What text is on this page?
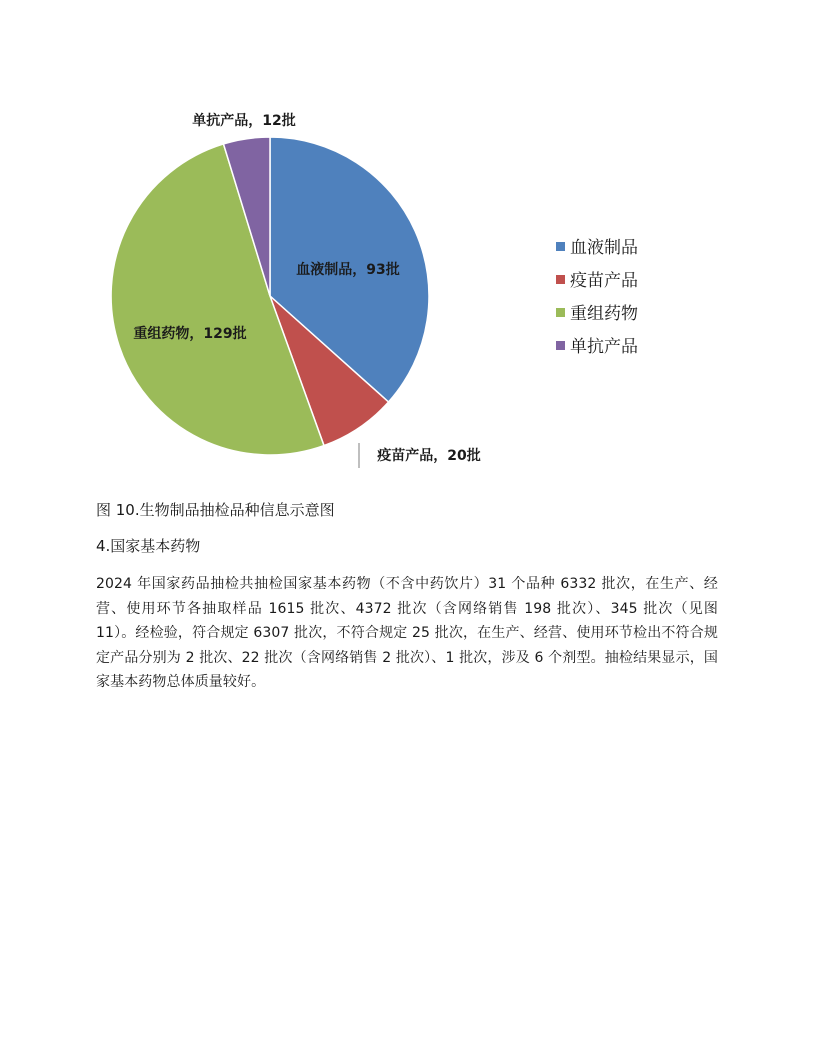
血液制品，93批
疫苗产品，20批
重组药物，129批
单抗产品，12批
血液制品
疫苗产品
重组药物
单抗产品

图 10.生物制品抽检品种信息示意图

4.国家基本药物

2024 年国家药品抽检共抽检国家基本药物（不含中药饮片）31 个品种 6332 批次，在生产、经营、使用环节各抽取样品 1615 批次、4372 批次（含网络销售 198 批次）、345 批次（见图 11）。经检验，符合规定 6307 批次，不符合规定 25 批次，在生产、经营、使用环节检出不符合规定产品分别为 2 批次、22 批次（含网络销售 2 批次）、1 批次，涉及 6 个剂型。抽检结果显示，国家基本药物总体质量较好。
